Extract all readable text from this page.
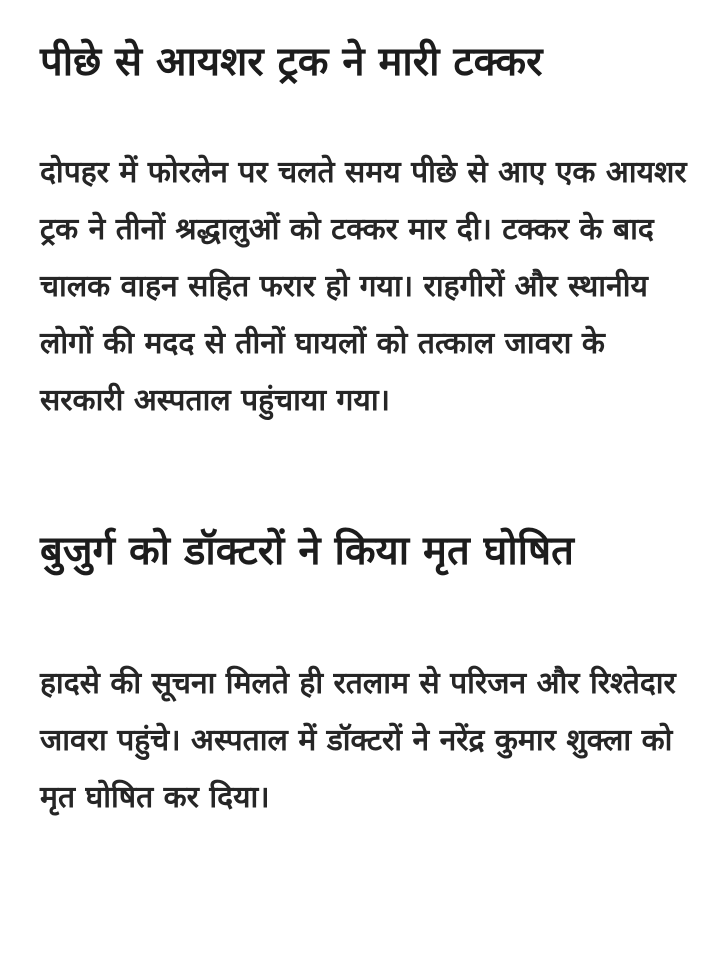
पीछे से आयशर ट्रक ने मारी टक्कर

दोपहर में फोरलेन पर चलते समय पीछे से आए एक आयशर ट्रक ने तीनों श्रद्धालुओं को टक्कर मार दी। टक्कर के बाद चालक वाहन सहित फरार हो गया। राहगीरों और स्थानीय लोगों की मदद से तीनों घायलों को तत्काल जावरा के सरकारी अस्पताल पहुंचाया गया।

बुजुर्ग को डॉक्टरों ने किया मृत घोषित

हादसे की सूचना मिलते ही रतलाम से परिजन और रिश्तेदार जावरा पहुंचे। अस्पताल में डॉक्टरों ने नरेंद्र कुमार शुक्ला को मृत घोषित कर दिया।
